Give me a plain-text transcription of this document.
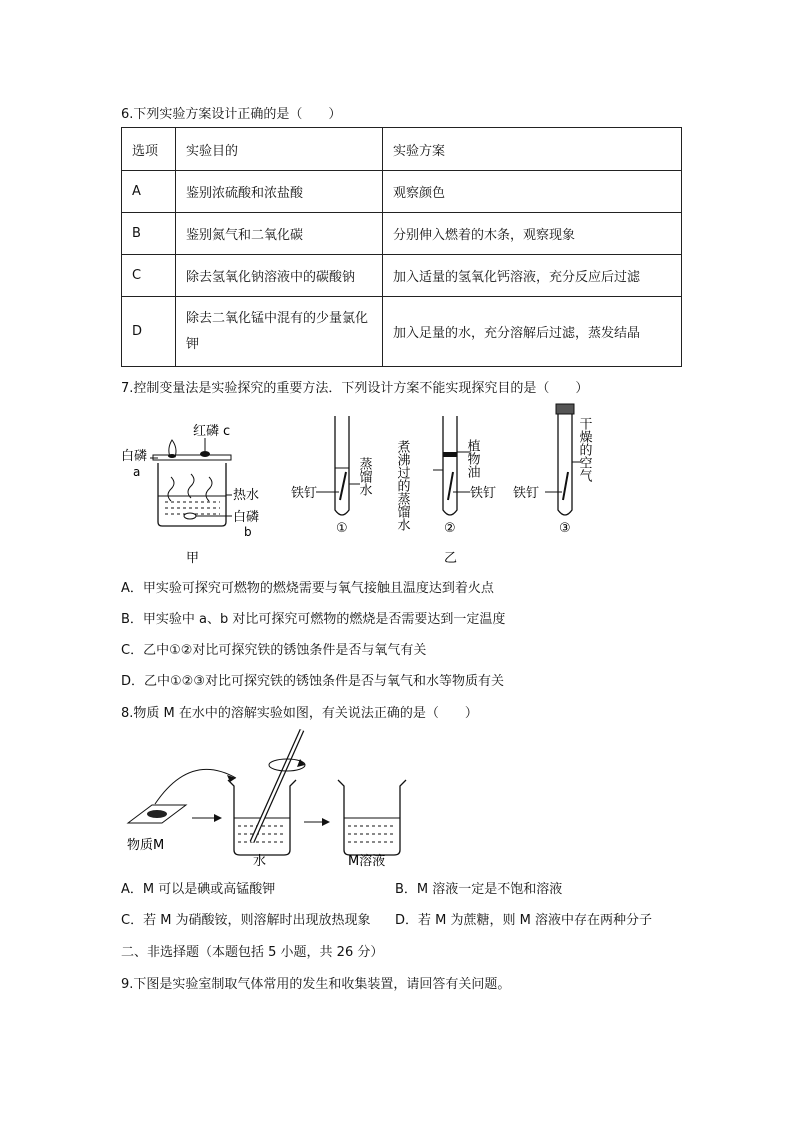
6.下列实验方案设计正确的是（　　）
选项	实验目的	实验方案
A	鉴别浓硫酸和浓盐酸	观察颜色
B	鉴别氮气和二氧化碳	分别伸入燃着的木条，观察现象
C	除去氢氧化钠溶液中的碳酸钠	加入适量的氢氧化钙溶液，充分反应后过滤
D	除去二氧化锰中混有的少量氯化钾	加入足量的水，充分溶解后过滤，蒸发结晶
7.控制变量法是实验探究的重要方法．下列设计方案不能实现探究目的是（　　）
红磷 c
白磷
a
热水
白磷
b
甲
铁钉	蒸馏水
①	煮沸过的蒸馏水	植物油
铁钉
②
铁钉
干燥的空气
③
乙
A．甲实验可探究可燃物的燃烧需要与氧气接触且温度达到着火点
B．甲实验中 a、b 对比可探究可燃物的燃烧是否需要达到一定温度
C．乙中①②对比可探究铁的锈蚀条件是否与氧气有关
D．乙中①②③对比可探究铁的锈蚀条件是否与氧气和水等物质有关
8.物质 M 在水中的溶解实验如图，有关说法正确的是（　　）
物质M
水	M溶液
A．M 可以是碘或高锰酸钾	B．M 溶液一定是不饱和溶液
C．若 M 为硝酸铵，则溶解时出现放热现象 D．若 M 为蔗糖，则 M 溶液中存在两种分子
二、非选择题（本题包括 5 小题，共 26 分）
9.下图是实验室制取气体常用的发生和收集装置，请回答有关问题。
